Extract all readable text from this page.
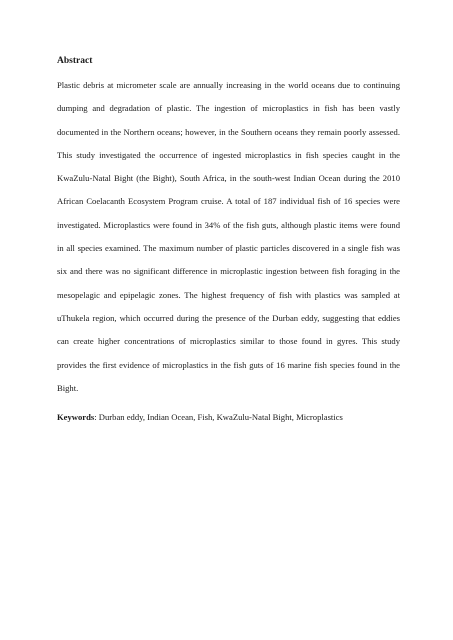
Abstract

Plastic debris at micrometer scale are annually increasing in the world oceans due to continuing dumping and degradation of plastic. The ingestion of microplastics in fish has been vastly documented in the Northern oceans; however, in the Southern oceans they remain poorly assessed. This study investigated the occurrence of ingested microplastics in fish species caught in the KwaZulu-Natal Bight (the Bight), South Africa, in the south-west Indian Ocean during the 2010 African Coelacanth Ecosystem Program cruise. A total of 187 individual fish of 16 species were investigated. Microplastics were found in 34% of the fish guts, although plastic items were found in all species examined. The maximum number of plastic particles discovered in a single fish was six and there was no significant difference in microplastic ingestion between fish foraging in the mesopelagic and epipelagic zones. The highest frequency of fish with plastics was sampled at uThukela region, which occurred during the presence of the Durban eddy, suggesting that eddies can create higher concentrations of microplastics similar to those found in gyres. This study provides the first evidence of microplastics in the fish guts of 16 marine fish species found in the Bight.

Keywords: Durban eddy, Indian Ocean, Fish, KwaZulu-Natal Bight, Microplastics
